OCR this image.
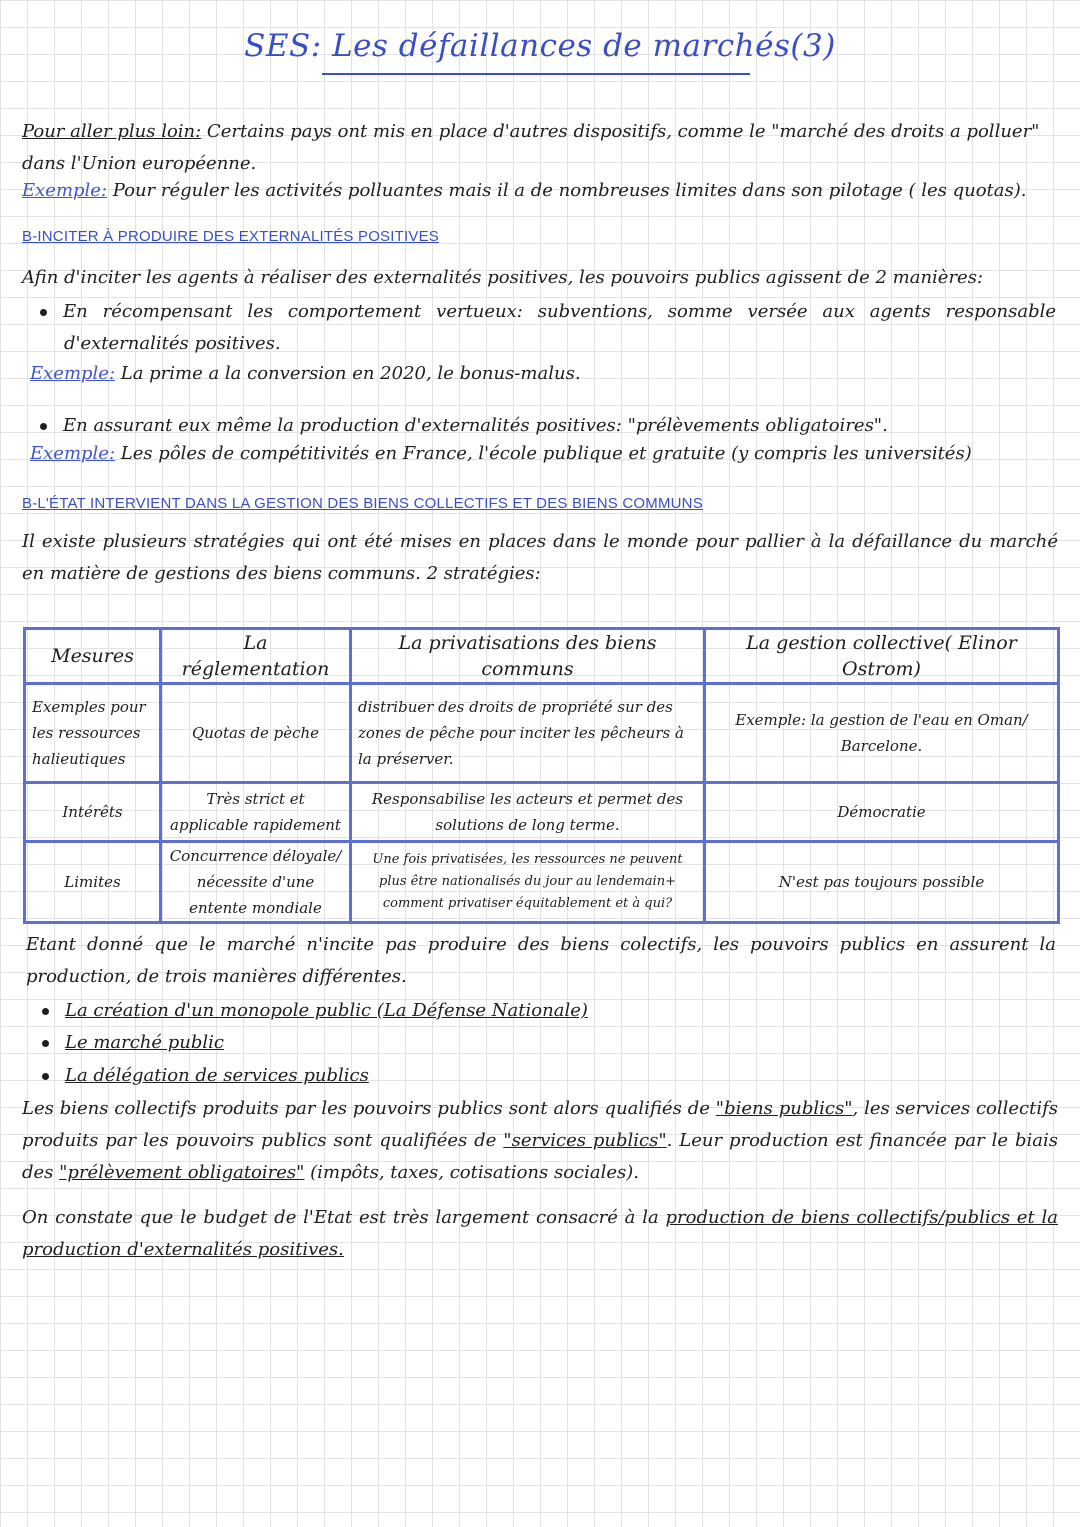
SES: Les défaillances de marchés(3)
Pour aller plus loin: Certains pays ont mis en place d'autres dispositifs, comme le "marché des droits a polluer" dans l'Union européenne.
Exemple: Pour réguler les activités polluantes mais il a de nombreuses limites dans son pilotage ( les quotas).
B-INCITER À PRODUIRE DES EXTERNALITÉS POSITIVES
Afin d'inciter les agents à réaliser des externalités positives, les pouvoirs publics agissent de 2 manières:
En récompensant les comportement vertueux: subventions, somme versée aux agents responsable
d'externalités positives.
Exemple: La prime a la conversion en 2020, le bonus-malus.
En assurant eux même la production d'externalités positives: "prélèvements obligatoires".
Exemple: Les pôles de compétitivités en France, l'école publique et gratuite (y compris les universités)
B-L'ÉTAT INTERVIENT DANS LA GESTION DES BIENS COLLECTIFS ET DES BIENS COMMUNS
Il existe plusieurs stratégies qui ont été mises en places dans le monde pour pallier à la défaillance du marché en matière de gestions des biens communs. 2 stratégies:
Mesures	La réglementation	La privatisations des biens communs	La gestion collective( Elinor Ostrom)
Exemples pour les ressources halieutiques	Quotas de pèche	distribuer des droits de propriété sur des zones de pêche pour inciter les pêcheurs à la préserver.	Exemple: la gestion de l'eau en Oman/ Barcelone.
Intérêts	Très strict et applicable rapidement	Responsabilise les acteurs et permet des solutions de long terme.	Démocratie
Limites	Concurrence déloyale/ nécessite d'une entente mondiale	Une fois privatisées, les ressources ne peuvent plus être nationalisés du jour au lendemain+ comment privatiser équitablement et à qui?	N'est pas toujours possible
Etant donné que le marché n'incite pas produire des biens colectifs, les pouvoirs publics en assurent la production, de trois manières différentes.
La création d'un monopole public (La Défense Nationale)
Le marché public
La délégation de services publics
Les biens collectifs produits par les pouvoirs publics sont alors qualifiés de "biens publics", les services collectifs produits par les pouvoirs publics sont qualifiées de "services publics". Leur production est financée par le biais des "prélèvement obligatoires" (impôts, taxes, cotisations sociales).
On constate que le budget de l'Etat est très largement consacré à la production de biens collectifs/publics et la production d'externalités positives.
